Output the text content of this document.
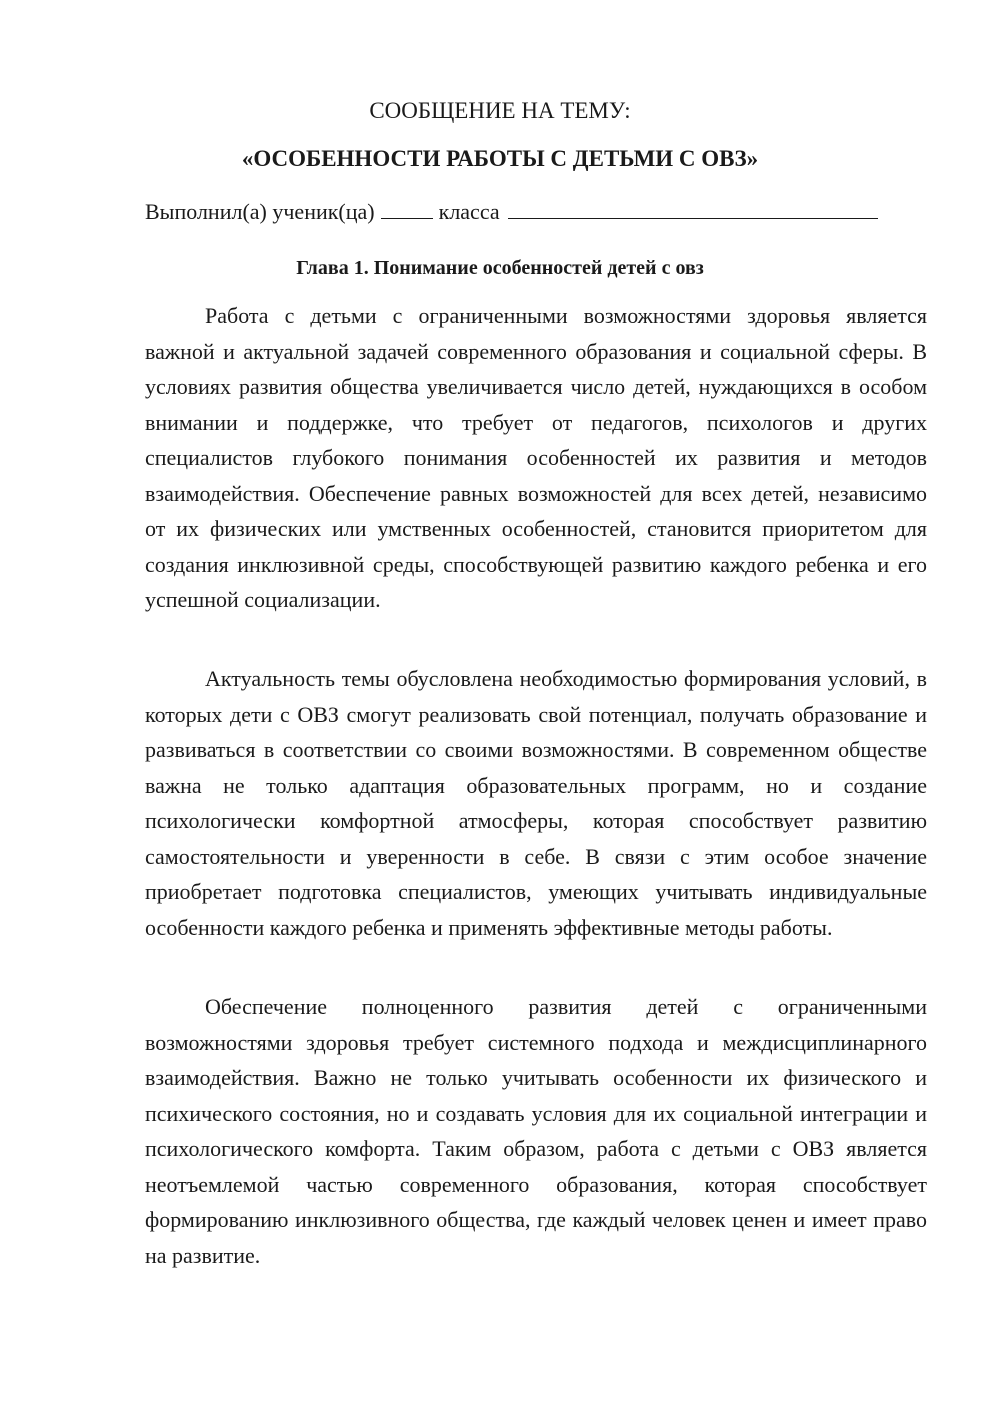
СООБЩЕНИЕ НА ТЕМУ:
«ОСОБЕННОСТИ РАБОТЫ С ДЕТЬМИ С ОВЗ»
Выполнил(а) ученик(ца)	класса
Глава 1. Понимание особенностей детей с овз

Работа с детьми с ограниченными возможностями здоровья является важной и актуальной задачей современного образования и социальной сферы. В условиях развития общества увеличивается число детей, нуждающихся в особом внимании и поддержке, что требует от педагогов, психологов и других специалистов глубокого понимания особенностей их развития и методов взаимодействия. Обеспечение равных возможностей для всех детей, независимо от их физических или умственных особенностей, становится приоритетом для создания инклюзивной среды, способствующей развитию каждого ребенка и его успешной социализации.

Актуальность темы обусловлена необходимостью формирования условий, в которых дети с ОВЗ смогут реализовать свой потенциал, получать образование и развиваться в соответствии со своими возможностями. В современном обществе важна не только адаптация образовательных программ, но и создание психологически комфортной атмосферы, которая способствует развитию самостоятельности и уверенности в себе. В связи с этим особое значение приобретает подготовка специалистов, умеющих учитывать индивидуальные особенности каждого ребенка и применять эффективные методы работы.

Обеспечение полноценного развития детей с ограниченными возможностями здоровья требует системного подхода и междисциплинарного взаимодействия. Важно не только учитывать особенности их физического и психического состояния, но и создавать условия для их социальной интеграции и психологического комфорта. Таким образом, работа с детьми с ОВЗ является неотъемлемой частью современного образования, которая способствует формированию инклюзивного общества, где каждый человек ценен и имеет право на развитие.
